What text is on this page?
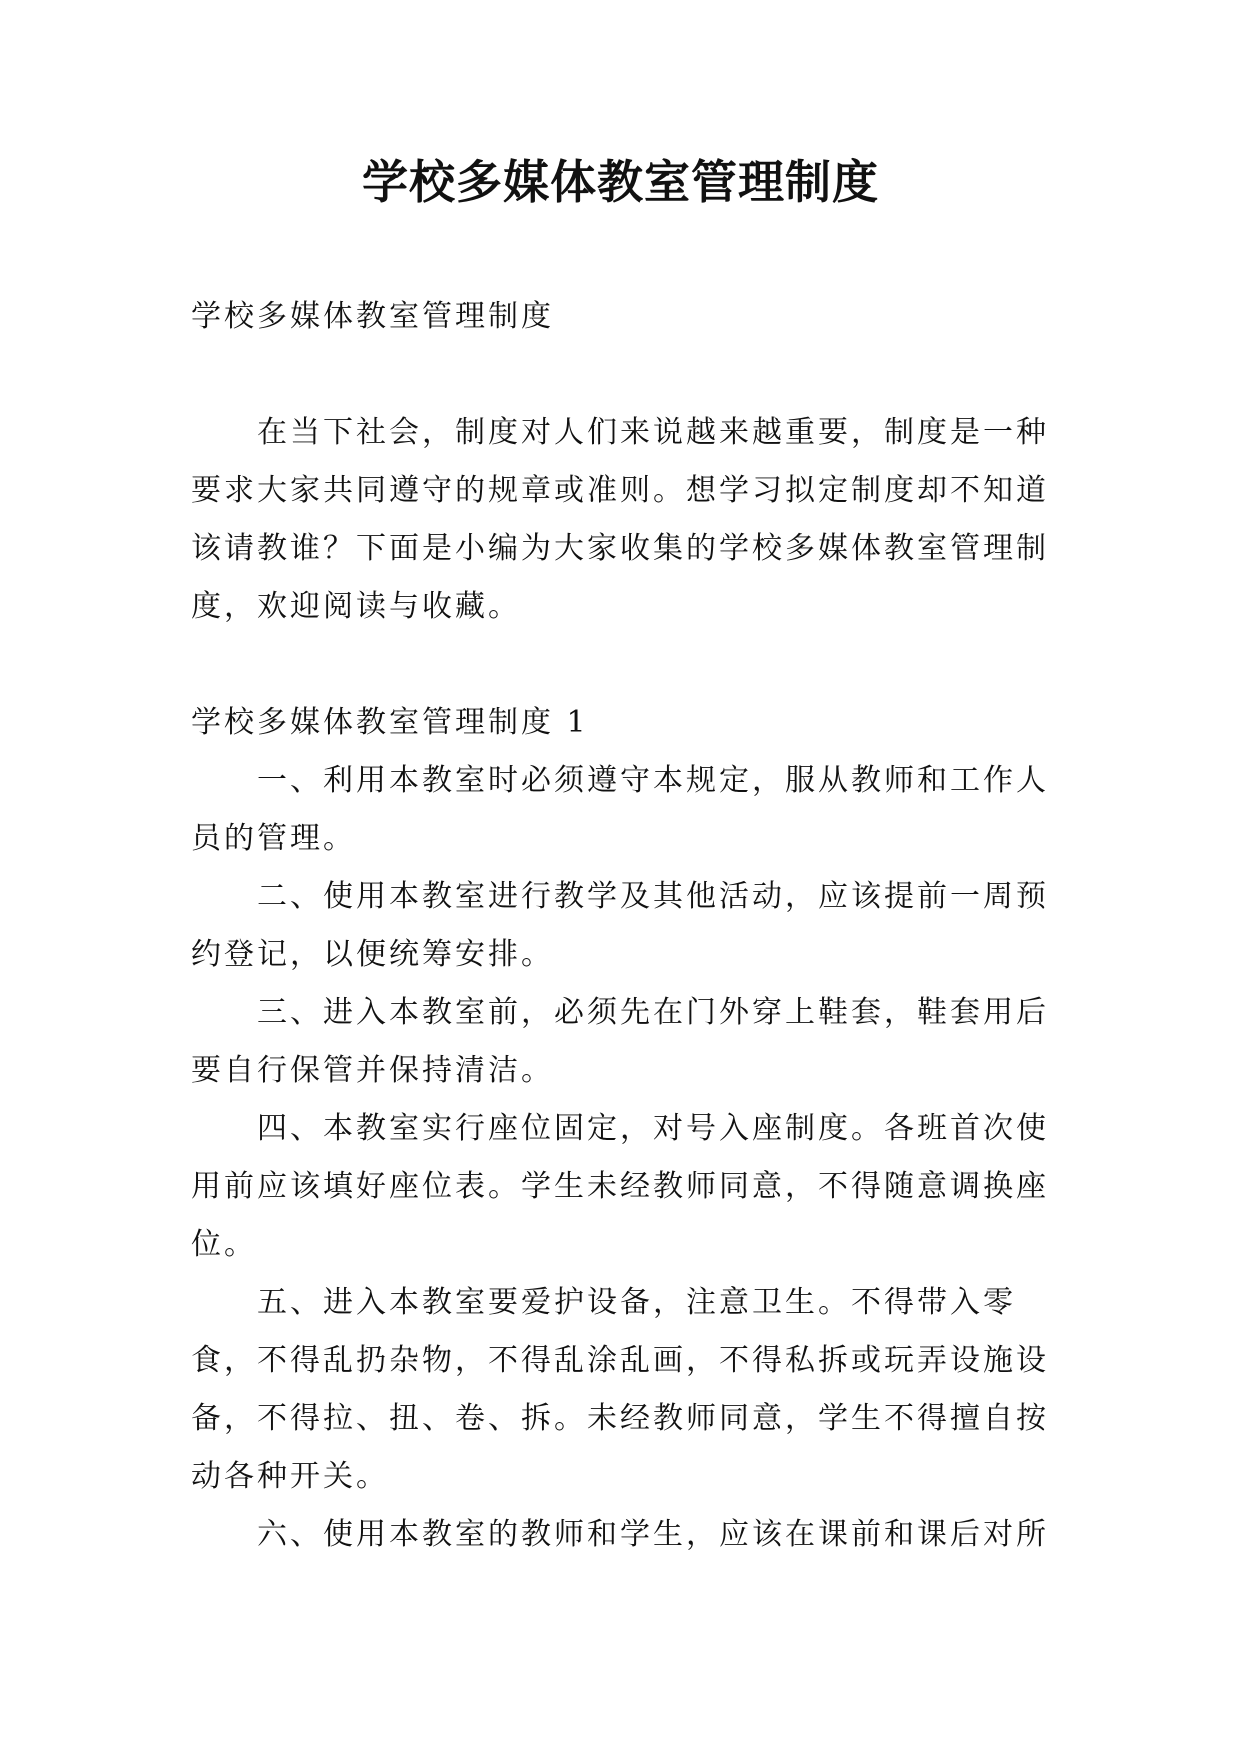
学校多媒体教室管理制度

学校多媒体教室管理制度

在当下社会，制度对人们来说越来越重要，制度是一种要求大家共同遵守的规章或准则。想学习拟定制度却不知道该请教谁？下面是小编为大家收集的学校多媒体教室管理制度，欢迎阅读与收藏。

学校多媒体教室管理制度 1

一、利用本教室时必须遵守本规定，服从教师和工作人员的管理。

二、使用本教室进行教学及其他活动，应该提前一周预约登记，以便统筹安排。

三、进入本教室前，必须先在门外穿上鞋套，鞋套用后要自行保管并保持清洁。

四、本教室实行座位固定，对号入座制度。各班首次使用前应该填好座位表。学生未经教师同意，不得随意调换座位。

五、进入本教室要爱护设备，注意卫生。不得带入零食，不得乱扔杂物，不得乱涂乱画，不得私拆或玩弄设施设备，不得拉、扭、卷、拆。未经教师同意，学生不得擅自按动各种开关。

六、使用本教室的教师和学生，应该在课前和课后对所
